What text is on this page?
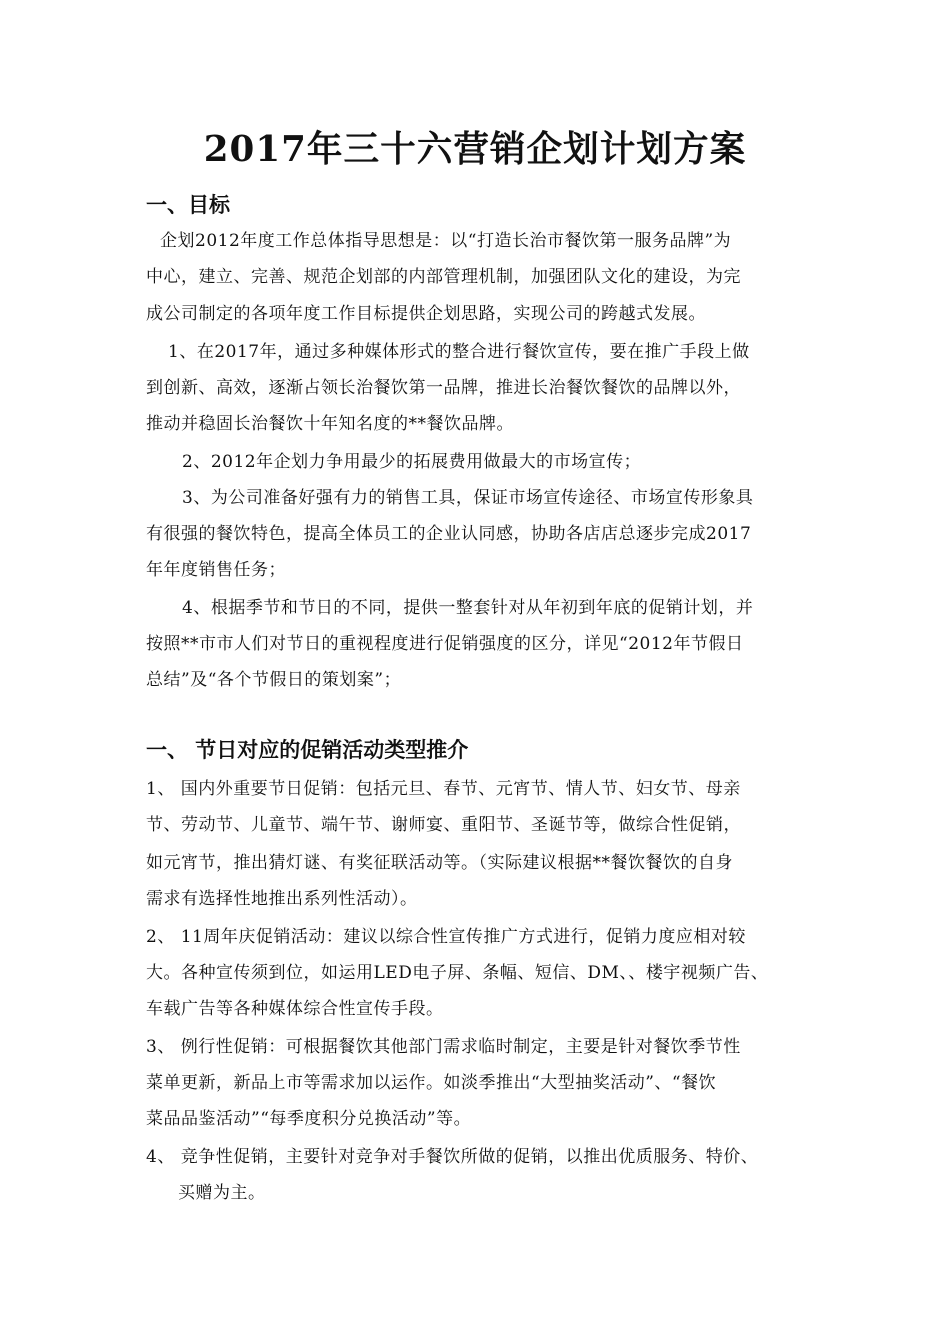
2017年三十六营销企划计划方案
一、目标
企划2012年度工作总体指导思想是：以“打造长治市餐饮第一服务品牌”为
中心，建立、完善、规范企划部的内部管理机制，加强团队文化的建设，为完
成公司制定的各项年度工作目标提供企划思路，实现公司的跨越式发展。
1、在2017年，通过多种媒体形式的整合进行餐饮宣传，要在推广手段上做
到创新、高效，逐渐占领长治餐饮第一品牌，推进长治餐饮餐饮的品牌以外，
推动并稳固长治餐饮十年知名度的**餐饮品牌。
2、2012年企划力争用最少的拓展费用做最大的市场宣传；
3、为公司准备好强有力的销售工具，保证市场宣传途径、市场宣传形象具
有很强的餐饮特色，提高全体员工的企业认同感，协助各店店总逐步完成2017
年年度销售任务；
4、根据季节和节日的不同，提供一整套针对从年初到年底的促销计划，并
按照**市市人们对节日的重视程度进行促销强度的区分，详见“2012年节假日
总结”及“各个节假日的策划案”；
一、 节日对应的促销活动类型推介
1、 国内外重要节日促销：包括元旦、春节、元宵节、情人节、妇女节、母亲
节、劳动节、儿童节、端午节、谢师宴、重阳节、圣诞节等，做综合性促销，
如元宵节，推出猜灯谜、有奖征联活动等。（实际建议根据**餐饮餐饮的自身
需求有选择性地推出系列性活动）。
2、 11周年庆促销活动：建议以综合性宣传推广方式进行，促销力度应相对较
大。各种宣传须到位，如运用LED电子屏、条幅、短信、DM、、楼宇视频广告、
车载广告等各种媒体综合性宣传手段。
3、 例行性促销：可根据餐饮其他部门需求临时制定，主要是针对餐饮季节性
菜单更新，新品上市等需求加以运作。如淡季推出“大型抽奖活动”、“餐饮
菜品品鉴活动”“每季度积分兑换活动”等。
4、 竞争性促销，主要针对竞争对手餐饮所做的促销，以推出优质服务、特价、
买赠为主。
